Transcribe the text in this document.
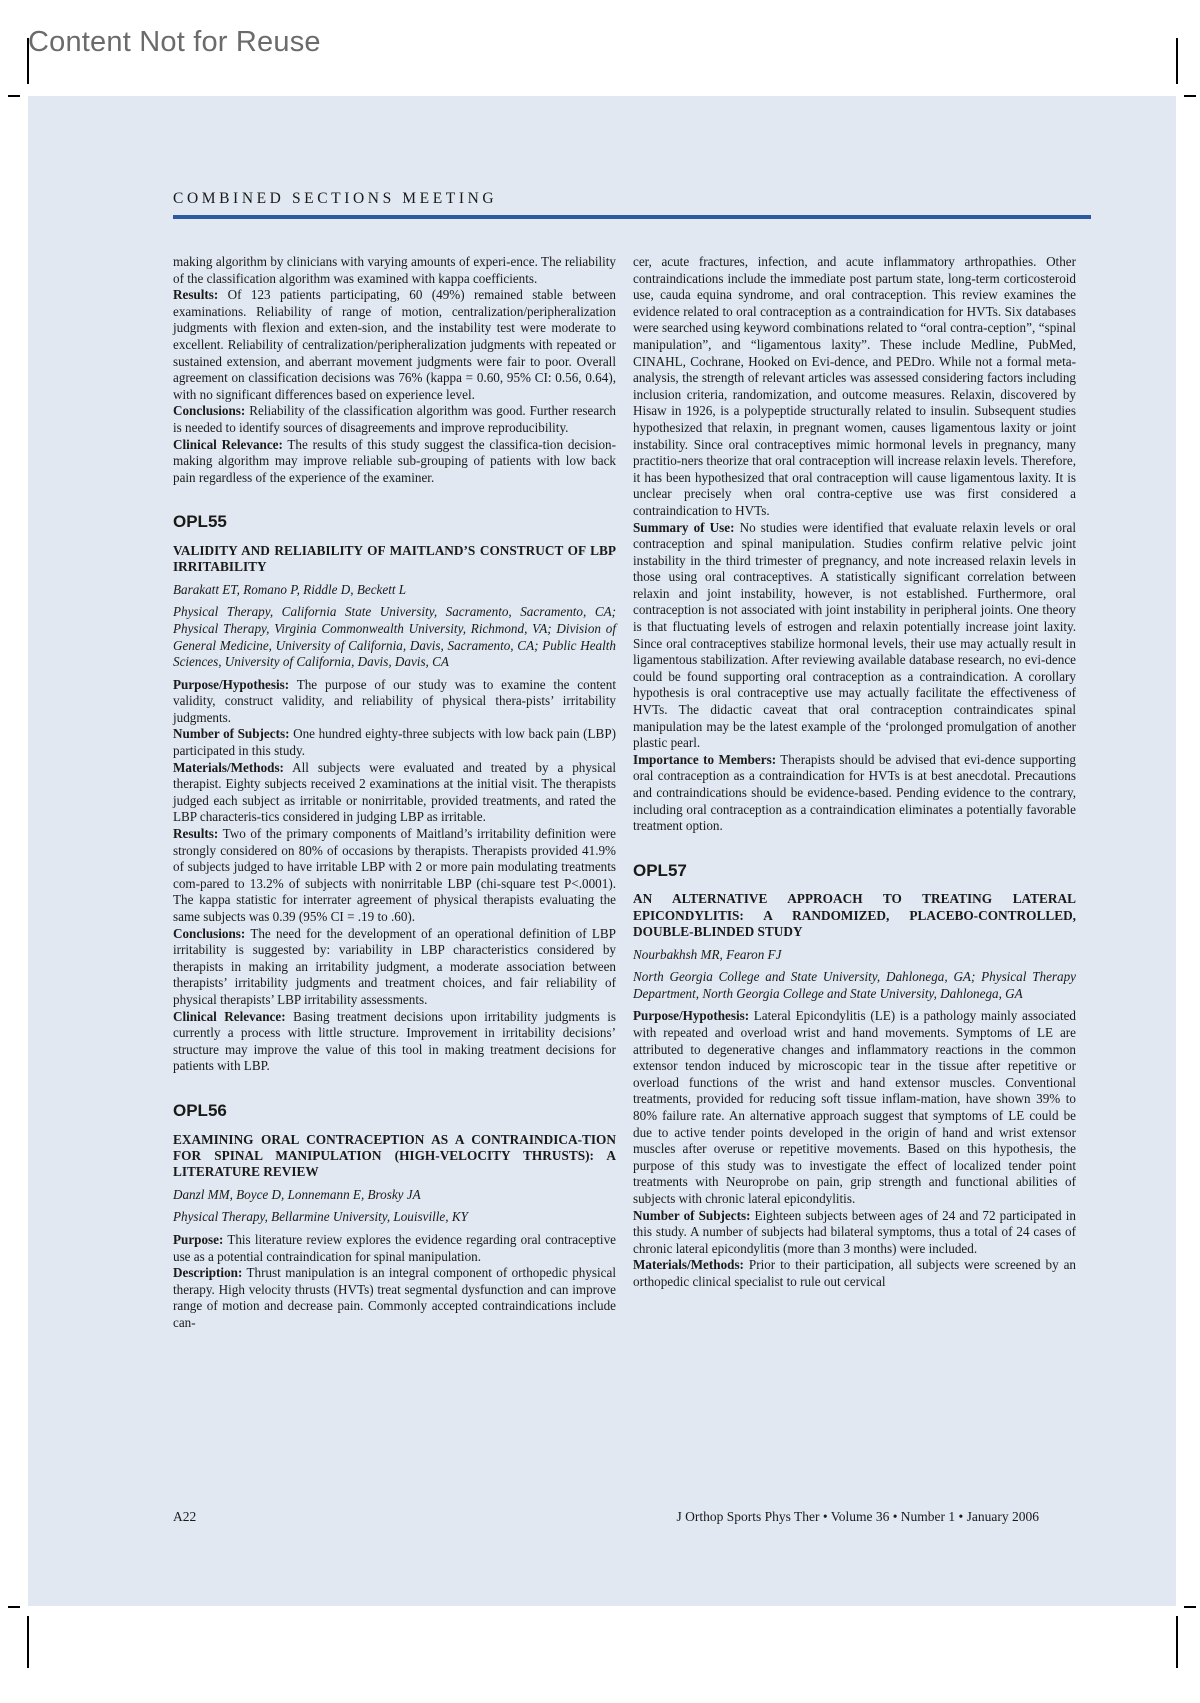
Content Not for Reuse
COMBINED SECTIONS MEETING

making algorithm by clinicians with varying amounts of experi-ence. The reliability of the classification algorithm was examined with kappa coefficients.

Results: Of 123 patients participating, 60 (49%) remained stable between examinations. Reliability of range of motion, centralization/peripheralization judgments with flexion and exten-sion, and the instability test were moderate to excellent. Reliability of centralization/peripheralization judgments with repeated or sustained extension, and aberrant movement judgments were fair to poor. Overall agreement on classification decisions was 76% (kappa = 0.60, 95% CI: 0.56, 0.64), with no significant differences based on experience level.

Conclusions: Reliability of the classification algorithm was good. Further research is needed to identify sources of disagreements and improve reproducibility.

Clinical Relevance: The results of this study suggest the classifica-tion decision-making algorithm may improve reliable sub-grouping of patients with low back pain regardless of the experience of the examiner.

OPL55
VALIDITY AND RELIABILITY OF MAITLAND’S CONSTRUCT OF LBP IRRITABILITY
Barakatt ET, Romano P, Riddle D, Beckett L
Physical Therapy, California State University, Sacramento, Sacramento, CA; Physical Therapy, Virginia Commonwealth University, Richmond, VA; Division of General Medicine, University of California, Davis, Sacramento, CA; Public Health Sciences, University of California, Davis, Davis, CA

Purpose/Hypothesis: The purpose of our study was to examine the content validity, construct validity, and reliability of physical thera-pists’ irritability judgments.

Number of Subjects: One hundred eighty-three subjects with low back pain (LBP) participated in this study.

Materials/Methods: All subjects were evaluated and treated by a physical therapist. Eighty subjects received 2 examinations at the initial visit. The therapists judged each subject as irritable or nonirritable, provided treatments, and rated the LBP characteris-tics considered in judging LBP as irritable.

Results: Two of the primary components of Maitland’s irritability definition were strongly considered on 80% of occasions by therapists. Therapists provided 41.9% of subjects judged to have irritable LBP with 2 or more pain modulating treatments com-pared to 13.2% of subjects with nonirritable LBP (chi-square test P<.0001). The kappa statistic for interrater agreement of physical therapists evaluating the same subjects was 0.39 (95% CI = .19 to .60).

Conclusions: The need for the development of an operational definition of LBP irritability is suggested by: variability in LBP characteristics considered by therapists in making an irritability judgment, a moderate association between therapists’ irritability judgments and treatment choices, and fair reliability of physical therapists’ LBP irritability assessments.

Clinical Relevance: Basing treatment decisions upon irritability judgments is currently a process with little structure. Improvement in irritability decisions’ structure may improve the value of this tool in making treatment decisions for patients with LBP.

OPL56
EXAMINING ORAL CONTRACEPTION AS A CONTRAINDICA-TION FOR SPINAL MANIPULATION (HIGH-VELOCITY THRUSTS): A LITERATURE REVIEW
Danzl MM, Boyce D, Lonnemann E, Brosky JA
Physical Therapy, Bellarmine University, Louisville, KY

Purpose: This literature review explores the evidence regarding oral contraceptive use as a potential contraindication for spinal manipulation.

Description: Thrust manipulation is an integral component of orthopedic physical therapy. High velocity thrusts (HVTs) treat segmental dysfunction and can improve range of motion and decrease pain. Commonly accepted contraindications include can-

cer, acute fractures, infection, and acute inflammatory arthropathies. Other contraindications include the immediate post partum state, long-term corticosteroid use, cauda equina syndrome, and oral contraception. This review examines the evidence related to oral contraception as a contraindication for HVTs. Six databases were searched using keyword combinations related to “oral contra-ception”, “spinal manipulation”, and “ligamentous laxity”. These include Medline, PubMed, CINAHL, Cochrane, Hooked on Evi-dence, and PEDro. While not a formal meta-analysis, the strength of relevant articles was assessed considering factors including inclusion criteria, randomization, and outcome measures. Relaxin, discovered by Hisaw in 1926, is a polypeptide structurally related to insulin. Subsequent studies hypothesized that relaxin, in pregnant women, causes ligamentous laxity or joint instability. Since oral contraceptives mimic hormonal levels in pregnancy, many practitio-ners theorize that oral contraception will increase relaxin levels. Therefore, it has been hypothesized that oral contraception will cause ligamentous laxity. It is unclear precisely when oral contra-ceptive use was first considered a contraindication to HVTs.

Summary of Use: No studies were identified that evaluate relaxin levels or oral contraception and spinal manipulation. Studies confirm relative pelvic joint instability in the third trimester of pregnancy, and note increased relaxin levels in those using oral contraceptives. A statistically significant correlation between relaxin and joint instability, however, is not established. Furthermore, oral contraception is not associated with joint instability in peripheral joints. One theory is that fluctuating levels of estrogen and relaxin potentially increase joint laxity. Since oral contraceptives stabilize hormonal levels, their use may actually result in ligamentous stabilization. After reviewing available database research, no evi-dence could be found supporting oral contraception as a contraindication. A corollary hypothesis is oral contraceptive use may actually facilitate the effectiveness of HVTs. The didactic caveat that oral contraception contraindicates spinal manipulation may be the latest example of the ‘prolonged promulgation of another plastic pearl.

Importance to Members: Therapists should be advised that evi-dence supporting oral contraception as a contraindication for HVTs is at best anecdotal. Precautions and contraindications should be evidence-based. Pending evidence to the contrary, including oral contraception as a contraindication eliminates a potentially favorable treatment option.

OPL57
AN ALTERNATIVE APPROACH TO TREATING LATERAL EPICONDYLITIS: A RANDOMIZED, PLACEBO-CONTROLLED, DOUBLE-BLINDED STUDY
Nourbakhsh MR, Fearon FJ
North Georgia College and State University, Dahlonega, GA; Physical Therapy Department, North Georgia College and State University, Dahlonega, GA

Purpose/Hypothesis: Lateral Epicondylitis (LE) is a pathology mainly associated with repeated and overload wrist and hand movements. Symptoms of LE are attributed to degenerative changes and inflammatory reactions in the common extensor tendon induced by microscopic tear in the tissue after repetitive or overload functions of the wrist and hand extensor muscles. Conventional treatments, provided for reducing soft tissue inflam-mation, have shown 39% to 80% failure rate. An alternative approach suggest that symptoms of LE could be due to active tender points developed in the origin of hand and wrist extensor muscles after overuse or repetitive movements. Based on this hypothesis, the purpose of this study was to investigate the effect of localized tender point treatments with Neuroprobe on pain, grip strength and functional abilities of subjects with chronic lateral epicondylitis.

Number of Subjects: Eighteen subjects between ages of 24 and 72 participated in this study. A number of subjects had bilateral symptoms, thus a total of 24 cases of chronic lateral epicondylitis (more than 3 months) were included.

Materials/Methods: Prior to their participation, all subjects were screened by an orthopedic clinical specialist to rule out cervical

A22	J Orthop Sports Phys Ther • Volume 36 • Number 1 • January 2006
